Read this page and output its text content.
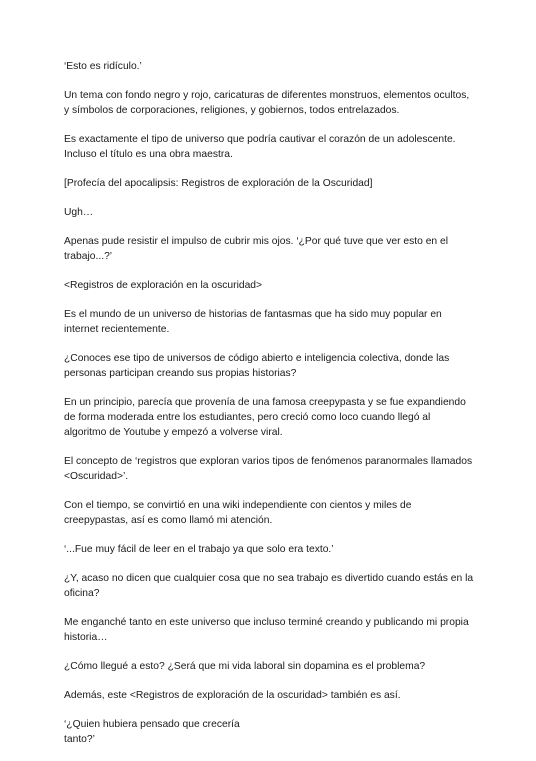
‘Esto es ridículo.’

Un tema con fondo negro y rojo, caricaturas de diferentes monstruos, elementos ocultos, y símbolos de corporaciones, religiones, y gobiernos, todos entrelazados.

Es exactamente el tipo de universo que podría cautivar el corazón de un adolescente. Incluso el título es una obra maestra.

[Profecía del apocalipsis: Registros de exploración de la Oscuridad]

Ugh…

Apenas pude resistir el impulso de cubrir mis ojos. ‘¿Por qué tuve que ver esto en el trabajo...?’

<Registros de exploración en la oscuridad>

Es el mundo de un universo de historias de fantasmas que ha sido muy popular en internet recientemente.

¿Conoces ese tipo de universos de código abierto e inteligencia colectiva, donde las personas participan creando sus propias historias?

En un principio, parecía que provenía de una famosa creepypasta y se fue expandiendo de forma moderada entre los estudiantes, pero creció como loco cuando llegó al algoritmo de Youtube y empezó a volverse viral.

El concepto de ‘registros que exploran varios tipos de fenómenos paranormales llamados <Oscuridad>’.

Con el tiempo, se convirtió en una wiki independiente con cientos y miles de creepypastas, así es como llamó mi atención.

‘...Fue muy fácil de leer en el trabajo ya que solo era texto.’

¿Y, acaso no dicen que cualquier cosa que no sea trabajo es divertido cuando estás en la oficina?

Me enganché tanto en este universo que incluso terminé creando y publicando mi propia historia…

¿Cómo llegué a esto? ¿Será que mi vida laboral sin dopamina es el problema?

Además, este <Registros de exploración de la oscuridad> también es así.

‘¿Quien hubiera pensado que crecería
tanto?’
